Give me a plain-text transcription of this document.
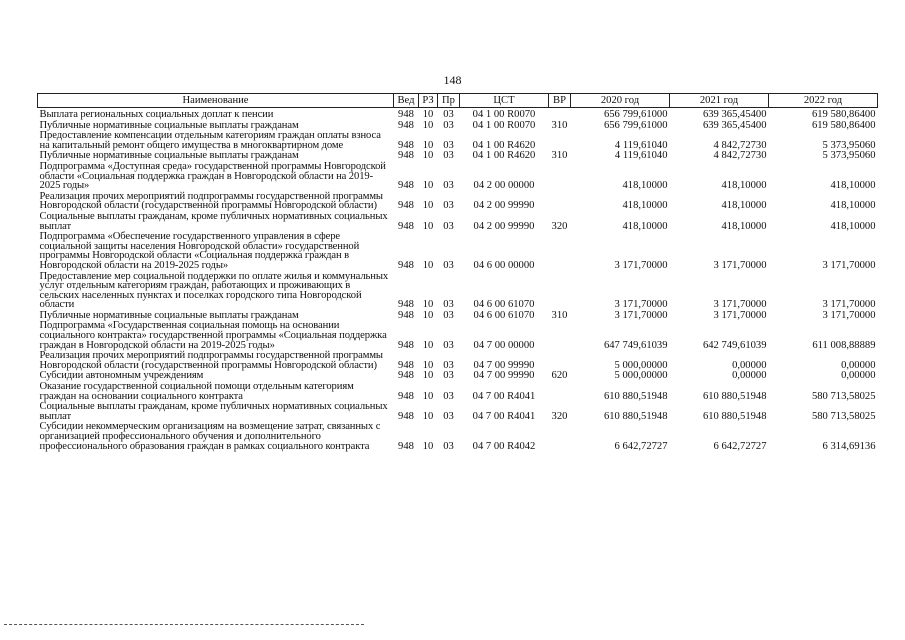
148
Наименование	Вед	РЗ	Пр	ЦСТ	ВР	2020 год	2021 год	2022 год
Выплата региональных социальных доплат к пенсии	948	10	03	04 1 00 R0070		656 799,61000	639 365,45400	619 580,86400
Публичные нормативные социальные выплаты гражданам	948	10	03	04 1 00 R0070	310	656 799,61000	639 365,45400	619 580,86400
Предоставление компенсации отдельным категориям граждан оплаты взноса на капитальный ремонт общего имущества в многоквартирном доме	948	10	03	04 1 00 R4620		4 119,61040	4 842,72730	5 373,95060
Публичные нормативные социальные выплаты гражданам	948	10	03	04 1 00 R4620	310	4 119,61040	4 842,72730	5 373,95060
Подпрограмма «Доступная среда» государственной программы Новгородской области «Социальная поддержка граждан в Новгородской области на 2019-2025 годы»	948	10	03	04 2 00 00000		418,10000	418,10000	418,10000
Реализация прочих мероприятий подпрограммы государственной программы Новгородской области (государственной программы Новгородской области)	948	10	03	04 2 00 99990		418,10000	418,10000	418,10000
Социальные выплаты гражданам, кроме публичных нормативных социальных выплат	948	10	03	04 2 00 99990	320	418,10000	418,10000	418,10000
Подпрограмма «Обеспечение государственного управления в сфере социальной защиты населения Новгородской области» государственной программы Новгородской области «Социальная поддержка граждан в Новгородской области на 2019-2025 годы»	948	10	03	04 6 00 00000		3 171,70000	3 171,70000	3 171,70000
Предоставление мер социальной поддержки по оплате жилья и коммунальных услуг отдельным категориям граждан, работающих и проживающих в сельских населенных пунктах и поселках городского типа Новгородской области	948	10	03	04 6 00 61070		3 171,70000	3 171,70000	3 171,70000
Публичные нормативные социальные выплаты гражданам	948	10	03	04 6 00 61070	310	3 171,70000	3 171,70000	3 171,70000
Подпрограмма «Государственная социальная помощь на основании социального контракта» государственной программы «Социальная поддержка граждан в Новгородской области на 2019-2025 годы»	948	10	03	04 7 00 00000		647 749,61039	642 749,61039	611 008,88889
Реализация прочих мероприятий подпрограммы государственной программы Новгородской области (государственной программы Новгородской области)	948	10	03	04 7 00 99990		5 000,00000	0,00000	0,00000
Субсидии автономным учреждениям	948	10	03	04 7 00 99990	620	5 000,00000	0,00000	0,00000
Оказание государственной социальной помощи отдельным категориям граждан на основании социального контракта	948	10	03	04 7 00 R4041		610 880,51948	610 880,51948	580 713,58025
Социальные выплаты гражданам, кроме публичных нормативных социальных выплат	948	10	03	04 7 00 R4041	320	610 880,51948	610 880,51948	580 713,58025
Субсидии некоммерческим организациям на возмещение затрат, связанных с организацией профессионального обучения и дополнительного профессионального образования граждан в рамках социального контракта	948	10	03	04 7 00 R4042		6 642,72727	6 642,72727	6 314,69136
